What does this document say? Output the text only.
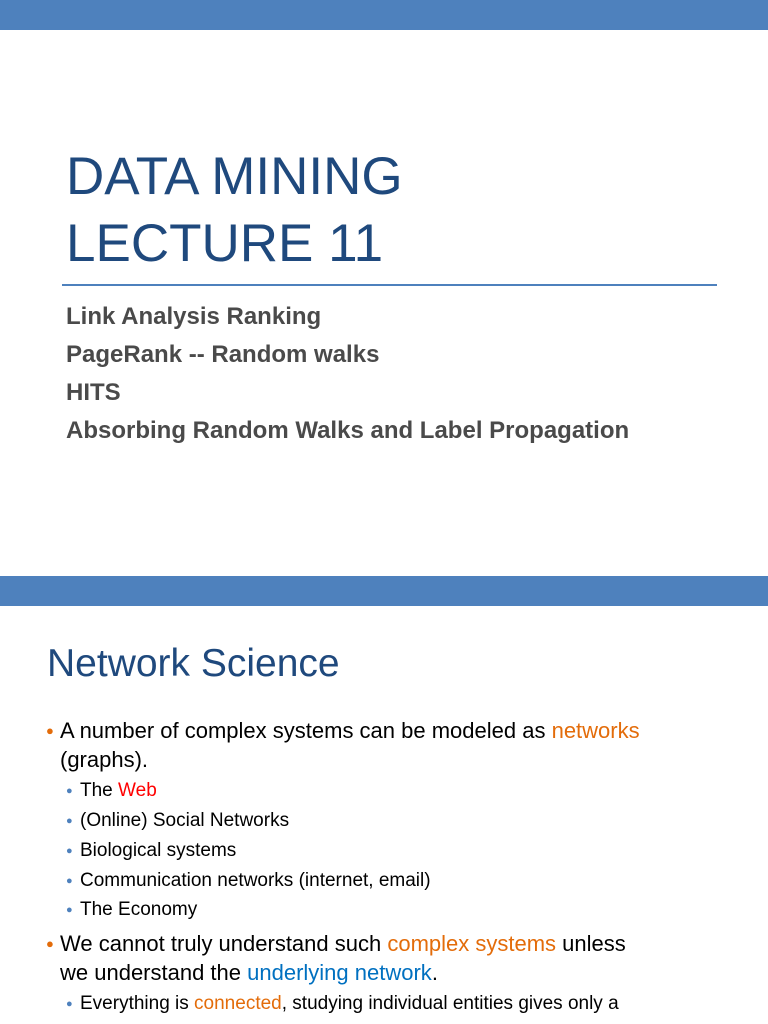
DATA MINING
LECTURE 11
Link Analysis Ranking
PageRank -- Random walks
HITS
Absorbing Random Walks and Label Propagation
Network Science
● A number of complex systems can be modeled as networks
(graphs).
● The Web
● (Online) Social Networks
● Biological systems
● Communication networks (internet, email)
● The Economy
● We cannot truly understand such complex systems unless
we understand the underlying network.
● Everything is connected, studying individual entities gives only a
